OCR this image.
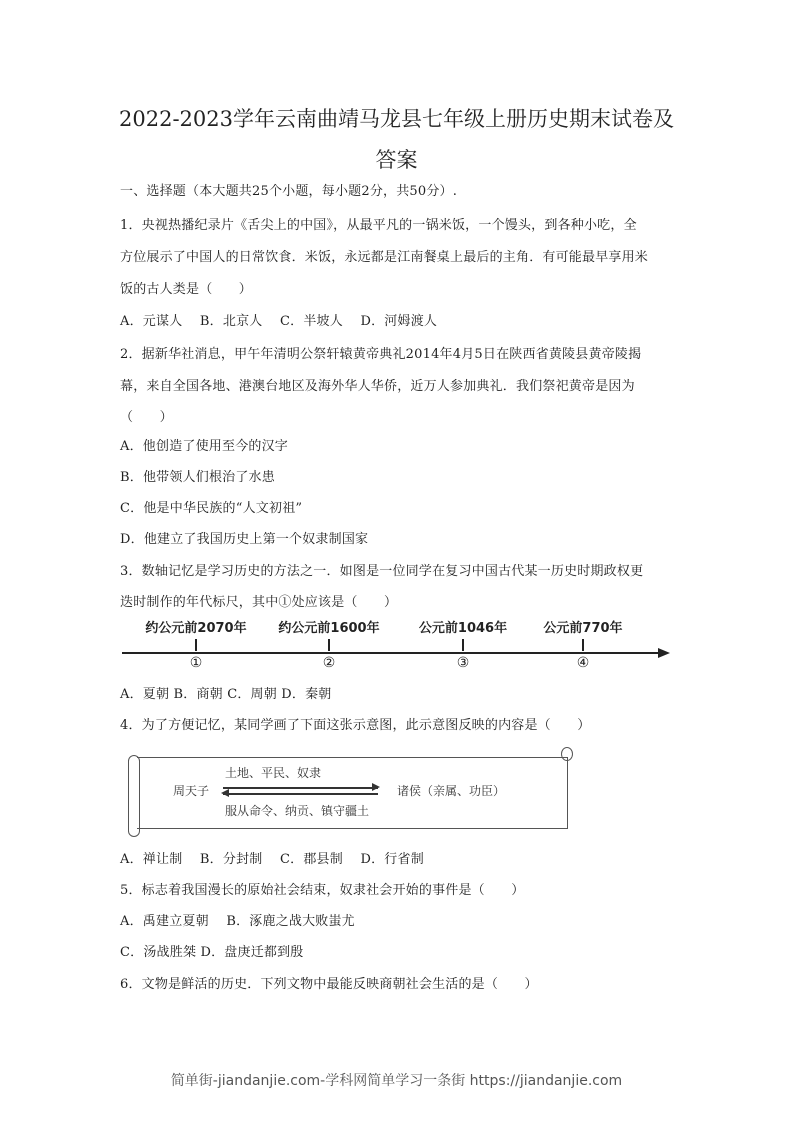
2022-2023学年云南曲靖马龙县七年级上册历史期末试卷及
答案
一、选择题（本大题共25个小题，每小题2分，共50分）.
1．央视热播纪录片《舌尖上的中国》，从最平凡的一锅米饭，一个馒头，到各种小吃，全
方位展示了中国人的日常饮食．米饭，永远都是江南餐桌上最后的主角．有可能最早享用米
饭的古人类是（　　）
A．元谋人　 B．北京人　 C．半坡人　 D．河姆渡人
2．据新华社消息，甲午年清明公祭轩辕黄帝典礼2014年4月5日在陕西省黄陵县黄帝陵揭
幕，来自全国各地、港澳台地区及海外华人华侨，近万人参加典礼．我们祭祀黄帝是因为
（　　）
A．他创造了使用至今的汉字
B．他带领人们根治了水患
C．他是中华民族的“人文初祖”
D．他建立了我国历史上第一个奴隶制国家
3．数轴记忆是学习历史的方法之一．如图是一位同学在复习中国古代某一历史时期政权更
迭时制作的年代标尺，其中①处应该是（　　）
约公元前2070年
①
约公元前1600年
②
公元前1046年
③
公元前770年
④
A．夏朝 B．商朝 C．周朝 D．秦朝
4．为了方便记忆，某同学画了下面这张示意图，此示意图反映的内容是（　　）
土地、平民、奴隶
周天子	诸侯（亲属、功臣）
服从命令、纳贡、镇守疆土
A．禅让制　 B．分封制　 C．郡县制　 D．行省制
5．标志着我国漫长的原始社会结束，奴隶社会开始的事件是（　　）
A．禹建立夏朝　 B．涿鹿之战大败蚩尤
C．汤战胜桀 D．盘庚迁都到殷
6．文物是鲜活的历史．下列文物中最能反映商朝社会生活的是（　　）
简单街-jiandanjie.com-学科网简单学习一条街 https://jiandanjie.com
